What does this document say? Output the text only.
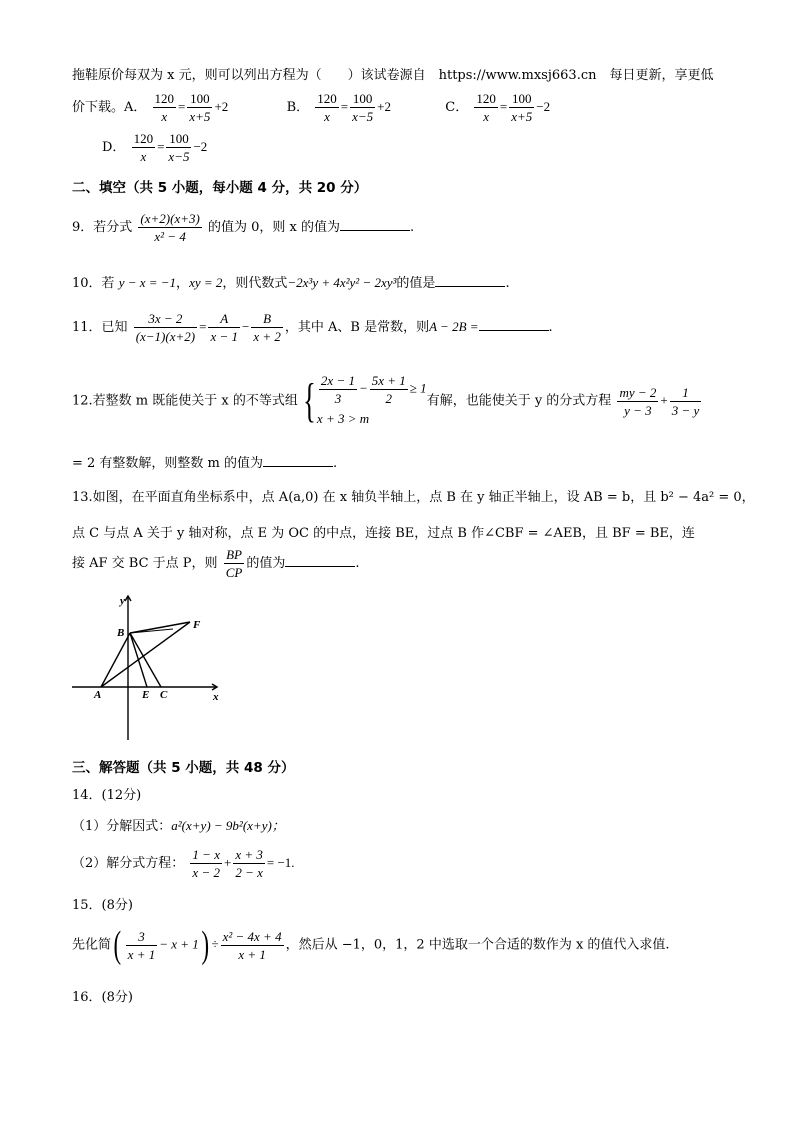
拖鞋原价每双为 x 元，则可以列出方程为（　　）该试卷源自　https://www.mxsj663.cn　每日更新，享更低
价下载。A． $\frac{120}{x} = \frac{100}{x+5} +2$	B． $\frac{120}{x} = \frac{100}{x-5} +2$	C． $\frac{120}{x} = \frac{100}{x+5} -2$
D． $\frac{120}{x} = \frac{100}{x-5} -2$
二、填空（共 5 小题，每小题 4 分，共 20 分）
9．若分式 $\frac{(x+2)(x+3)}{\text{x² − 4}}$ 的值为 0，则 x 的值为	.
10．若 y − x = −1，xy = 2，则代数式−2x³y + 4x²y² − 2xy³的值是	.
11．已知 $\frac{3x - 2}{(x-1)(x+2)} = \frac{A}{x - 1} - \frac{B}{x + 2}$ ，其中 A、B 是常数，则A − 2B =	.
12.若整数 m 既能使关于 x 的不等式组 { $\frac{2x - 1}{3} - \frac{5x + 1}{2} \ge 1$
x + 3 > m
有解，也能使关于 y 的分式方程 $\frac{my - 2}{y - 3} + \frac{1}{3 - y}$
= 2 有整数解，则整数 m 的值为	.
13.如图，在平面直角坐标系中，点 A(a,0) 在 x 轴负半轴上，点 B 在 y 轴正半轴上，设 AB = b，且 b² − 4a² = 0，
点 C 与点 A 关于 y 轴对称，点 E 为 OC 的中点，连接 BE，过点 B 作∠CBF = ∠AEB，且 BF = BE，连
接 AF 交 BC 于点 P，则 $\frac{BP}{CP}$ 的值为	.
y
x
B
F
A	E C
三、解答题（共 5 小题，共 48 分）
14．(12分)
（1）分解因式：a²(x+y) − 9b²(x+y)；
（2）解分式方程： $\frac{1 - x}{x - 2} + \frac{x + 3}{2 - x} = -1$.
15．(8分)
先化简( $\frac{3}{x + 1} - x + 1) \div \frac{\text{x² − 4x + 4}}{x + 1}$ ，然后从 −1，0，1，2 中选取一个合适的数作为 x 的值代入求值.
16．(8分)
